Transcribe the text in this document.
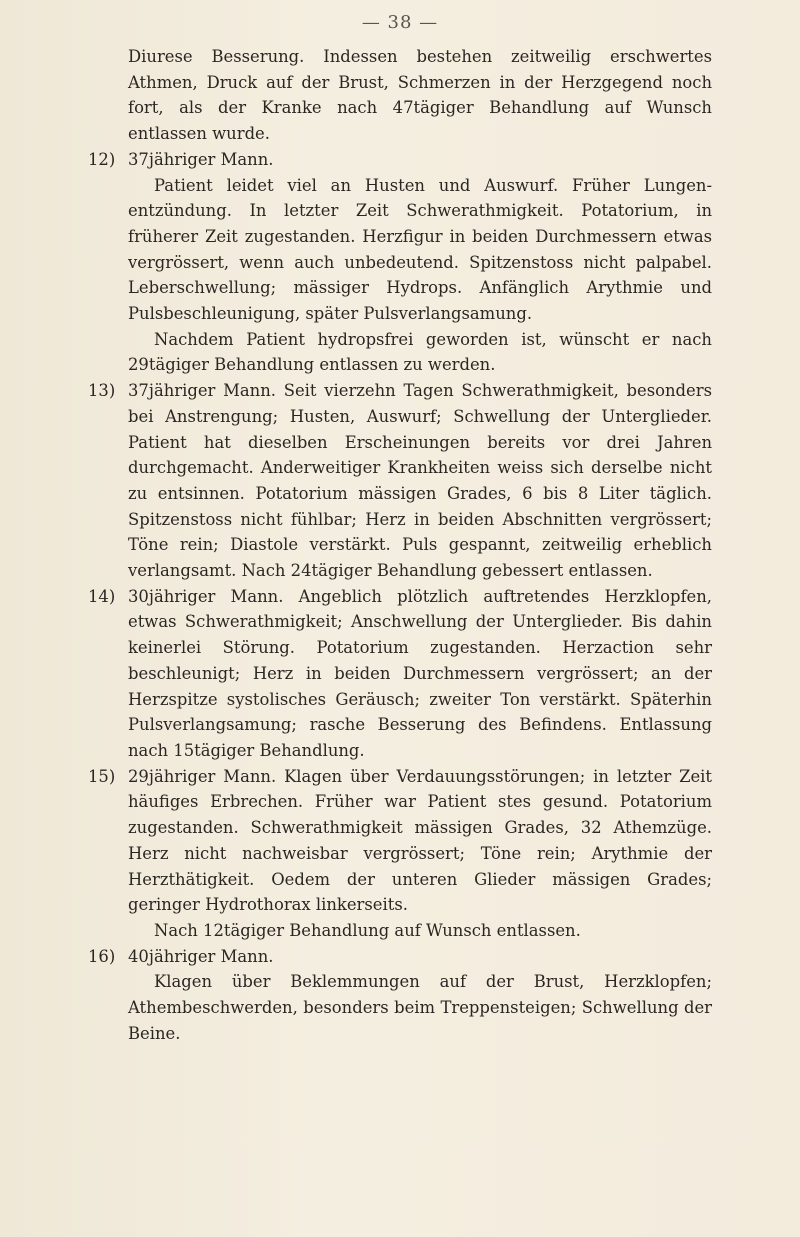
— 38 —

Diurese Besserung. Indessen bestehen zeitweilig erschwertes Athmen, Druck auf der Brust, Schmerzen in der Herzgegend noch fort, als der Kranke nach 47tägiger Behandlung auf Wunsch entlassen wurde.

12) 37jähriger Mann.

Patient leidet viel an Husten und Auswurf. Früher Lungen-entzündung. In letzter Zeit Schwerathmigkeit. Potatorium, in früherer Zeit zugestanden. Herzfigur in beiden Durchmessern etwas vergrössert, wenn auch unbedeutend. Spitzenstoss nicht palpabel. Leberschwellung; mässiger Hydrops. Anfänglich Arythmie und Pulsbeschleunigung, später Pulsverlangsamung.

Nachdem Patient hydropsfrei geworden ist, wünscht er nach 29tägiger Behandlung entlassen zu werden.

13) 37jähriger Mann. Seit vierzehn Tagen Schwerathmigkeit, besonders bei Anstrengung; Husten, Auswurf; Schwellung der Unterglieder. Patient hat dieselben Erscheinungen bereits vor drei Jahren durchgemacht. Anderweitiger Krankheiten weiss sich derselbe nicht zu entsinnen. Potatorium mässigen Grades, 6 bis 8 Liter täglich. Spitzenstoss nicht fühlbar; Herz in beiden Abschnitten vergrössert; Töne rein; Diastole verstärkt. Puls gespannt, zeitweilig erheblich verlangsamt. Nach 24tägiger Behandlung gebessert entlassen.

14) 30jähriger Mann. Angeblich plötzlich auftretendes Herzklopfen, etwas Schwerathmigkeit; Anschwellung der Unterglieder. Bis dahin keinerlei Störung. Potatorium zugestanden. Herzaction sehr beschleunigt; Herz in beiden Durchmessern vergrössert; an der Herzspitze systolisches Geräusch; zweiter Ton verstärkt. Späterhin Pulsverlangsamung; rasche Besserung des Befindens. Entlassung nach 15tägiger Behandlung.

15) 29jähriger Mann. Klagen über Verdauungsstörungen; in letzter Zeit häufiges Erbrechen. Früher war Patient stes gesund. Potatorium zugestanden. Schwerathmigkeit mässigen Grades, 32 Athemzüge. Herz nicht nachweisbar vergrössert; Töne rein; Arythmie der Herzthätigkeit. Oedem der unteren Glieder mässigen Grades; geringer Hydrothorax linkerseits.

Nach 12tägiger Behandlung auf Wunsch entlassen.

16) 40jähriger Mann.

Klagen über Beklemmungen auf der Brust, Herzklopfen; Athembeschwerden, besonders beim Treppensteigen; Schwellung der Beine.
